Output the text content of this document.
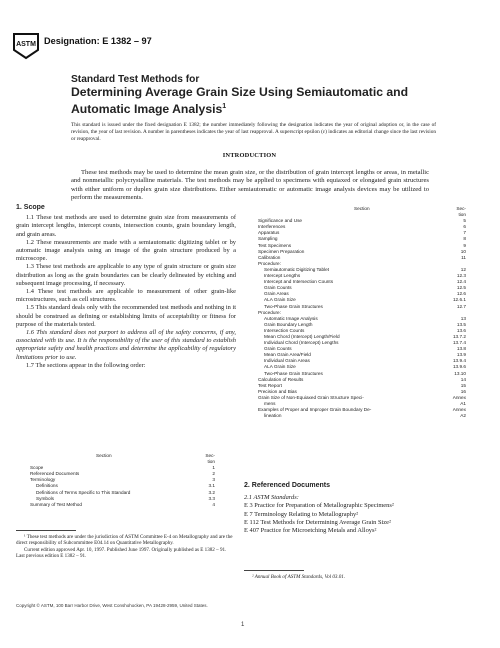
ASTM Designation: E 1382 – 97
Standard Test Methods for
Determining Average Grain Size Using Semiautomatic and
Automatic Image Analysis$^1$
This standard is issued under the fixed designation E 1382; the number immediately following the designation indicates the year of original adoption or, in the case of revision, the year of last revision. A number in parentheses indicates the year of last reapproval. A superscript epsilon (ε) indicates an editorial change since the last revision or reapproval.
INTRODUCTION
These test methods may be used to determine the mean grain size, or the distribution of grain intercept lengths or areas, in metallic and nonmetallic polycrystalline materials. The test methods may be applied to specimens with equiaxed or elongated grain structures with either uniform or duplex grain size distributions. Either semiautomatic or automatic image analysis devices may be utilized to perform the measurements.
1. Scope

1.1 These test methods are used to determine grain size from measurements of grain intercept lengths, intercept counts, intersection counts, grain boundary length, and grain areas.

1.2 These measurements are made with a semiautomatic digitizing tablet or by automatic image analysis using an image of the grain structure produced by a microscope.

1.3 These test methods are applicable to any type of grain structure or grain size distribution as long as the grain boundaries can be clearly delineated by etching and subsequent image processing, if necessary.

1.4 These test methods are applicable to measurement of other grain-like microstructures, such as cell structures.

1.5 This standard deals only with the recommended test methods and nothing in it should be construed as defining or establishing limits of acceptability or fitness for purpose of the materials tested.

1.6 This standard does not purport to address all of the safety concerns, if any, associated with its use. It is the responsibility of the user of this standard to establish appropriate safety and health practices and determine the applicability of regulatory limitations prior to use.

1.7 The sections appear in the following order:

Section	Sec-
tion
Scope	1
Referenced Documents	2
Terminology	3
Definitions	3.1
Definitions of Terms Specific to This Standard	3.2
Symbols	3.3
Summary of Test Method	4
Section	Sec-
tion
Significance and Use	5
Interferences	6
Apparatus	7
Sampling	8
Test Specimens	9
Specimen Preparation	10
Calibration	11
Procedure:
Semiautomatic Digitizing Tablet	12
Intercept Lengths	12.3
Intercept and Intersection Counts	12.4
Grain Counts	12.5
Grain Areas	12.6
ALA Grain Size	12.6.1
Two-Phase Grain Structures	12.7
Procedure:
Automatic Image Analysis	13
Grain Boundary Length	13.5
Intersection Counts	13.6
Mean Chord (Intercept) Length/Field	13.7.2
Individual Chord (Intercept) Lengths	13.7.4
Grain Counts	13.8
Mean Grain Area/Field	13.9
Individual Grain Areas	13.9.4
ALA Grain Size	13.9.6
Two-Phase Grain Structures	13.10
Calculation of Results	14
Test Report	15
Precision and Bias	16
Grain Size of Non-Equiaxed Grain Structure Speci-	Annex
mens	A1
Examples of Proper and Improper Grain Boundary De-	Annex
lineation	A2
2. Referenced Documents

2.1 ASTM Standards:

E 3 Practice for Preparation of Metallographic Specimens²

E 7 Terminology Relating to Metallography²

E 112 Test Methods for Determining Average Grain Size²

E 407 Practice for Microetching Metals and Alloys²

¹ These test methods are under the jurisdiction of ASTM Committee E-4 on Metallography and are the direct responsibility of Subcommittee E04.14 on Quantitative Metallography.
Current edition approved Apr. 10, 1997. Published June 1997. Originally published as E 1382 – 91. Last previous edition E 1382 – 91.
² Annual Book of ASTM Standards, Vol 03.01.
Copyright © ASTM, 100 Barr Harbor Drive, West Conshohocken, PA 19428-2959, United States.
1
